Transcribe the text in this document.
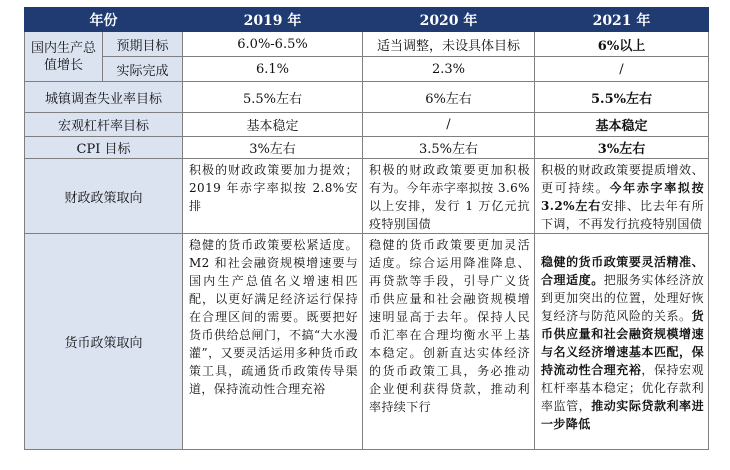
年份		2019 年	2020 年	2021 年
国内生产总值增长	预期目标	6.0%-6.5%	适当调整，未设具体目标	6%以上
	实际完成	6.1%	2.3%	/
城镇调查失业率目标		5.5%左右	6%左右	5.5%左右
宏观杠杆率目标		基本稳定	/	基本稳定
CPI 目标		3%左右	3.5%左右	3%左右
财政政策取向		积极的财政政策要加力提效；2019 年赤字率拟按 2.8%安排	积极的财政政策要更加积极有为。今年赤字率拟按 3.6%以上安排，发行 1 万亿元抗疫特别国债	积极的财政政策要提质增效、更可持续。今年赤字率拟按 3.2%左右安排、比去年有所下调，不再发行抗疫特别国债
货币政策取向		稳健的货币政策要松紧适度。M2 和社会融资规模增速要与国内生产总值名义增速相匹配，以更好满足经济运行保持在合理区间的需要。既要把好货币供给总闸门，不搞“大水漫灌”，又要灵活运用多种货币政策工具，疏通货币政策传导渠道，保持流动性合理充裕	稳健的货币政策要更加灵活适度。综合运用降准降息、再贷款等手段，引导广义货币供应量和社会融资规模增速明显高于去年。保持人民币汇率在合理均衡水平上基本稳定。创新直达实体经济的货币政策工具，务必推动企业便利获得贷款，推动利率持续下行	稳健的货币政策要灵活精准、合理适度。把服务实体经济放到更加突出的位置，处理好恢复经济与防范风险的关系。货币供应量和社会融资规模增速与名义经济增速基本匹配，保持流动性合理充裕，保持宏观杠杆率基本稳定；优化存款利率监管，推动实际贷款利率进一步降低
